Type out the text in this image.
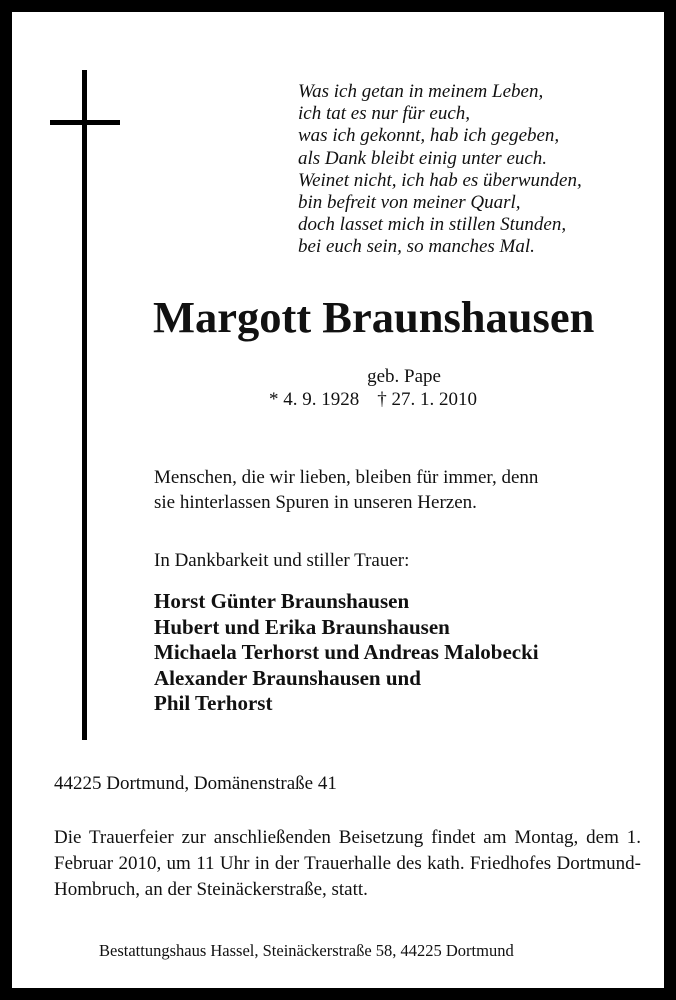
Was ich getan in meinem Leben,
ich tat es nur für euch,
was ich gekonnt, hab ich gegeben,
als Dank bleibt einig unter euch.
Weinet nicht, ich hab es überwunden,
bin befreit von meiner Quarl,
doch lasset mich in stillen Stunden,
bei euch sein, so manches Mal.
Margott Braunshausen
geb. Pape
* 4. 9. 1928 † 27. 1. 2010
Menschen, die wir lieben, bleiben für immer, denn
sie hinterlassen Spuren in unseren Herzen.
In Dankbarkeit und stiller Trauer:
Horst Günter Braunshausen
Hubert und Erika Braunshausen
Michaela Terhorst und Andreas Malobecki
Alexander Braunshausen und
Phil Terhorst
44225 Dortmund, Domänenstraße 41
Die Trauerfeier zur anschließenden Beisetzung findet am Montag, dem 1. Februar 2010, um 11 Uhr in der Trauerhalle des kath. Friedhofes Dortmund-Hombruch, an der Steinäckerstraße, statt.
Bestattungshaus Hassel, Steinäckerstraße 58, 44225 Dortmund
